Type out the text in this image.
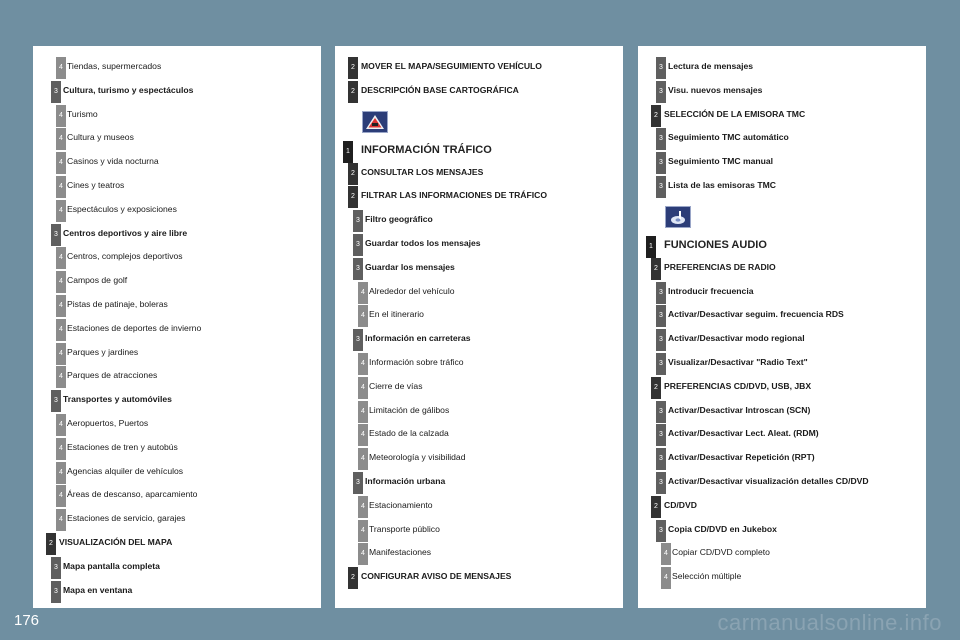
4 Tiendas, supermercados
3 Cultura, turismo y espectáculos
4 Turismo
4 Cultura y museos
4 Casinos y vida nocturna
4 Cines y teatros
4 Espectáculos y exposiciones
3 Centros deportivos y aire libre
4 Centros, complejos deportivos
4 Campos de golf
4 Pistas de patinaje, boleras
4 Estaciones de deportes de invierno
4 Parques y jardines
4 Parques de atracciones
3 Transportes y automóviles
4 Aeropuertos, Puertos
4 Estaciones de tren y autobús
4 Agencias alquiler de vehículos
4 Áreas de descanso, aparcamiento
4 Estaciones de servicio, garajes
2 VISUALIZACIÓN DEL MAPA
3 Mapa pantalla completa
3 Mapa en ventana
2 MOVER EL MAPA/SEGUIMIENTO VEHÍCULO
2 DESCRIPCIÓN BASE CARTOGRÁFICA
1 INFORMACIÓN TRÁFICO
2 CONSULTAR LOS MENSAJES
2 FILTRAR LAS INFORMACIONES DE TRÁFICO
3 Filtro geográfico
3 Guardar todos los mensajes
3 Guardar los mensajes
4 Alrededor del vehículo
4 En el itinerario
3 Información en carreteras
4 Información sobre tráfico
4 Cierre de vías
4 Limitación de gálibos
4 Estado de la calzada
4 Meteorología y visibilidad
3 Información urbana
4 Estacionamiento
4 Transporte público
4 Manifestaciones
2 CONFIGURAR AVISO DE MENSAJES
3 Lectura de mensajes
3 Visu. nuevos mensajes
2 SELECCIÓN DE LA EMISORA TMC
3 Seguimiento TMC automático
3 Seguimiento TMC manual
3 Lista de las emisoras TMC
1 FUNCIONES AUDIO
2 PREFERENCIAS DE RADIO
3 Introducir frecuencia
3 Activar/Desactivar seguim. frecuencia RDS
3 Activar/Desactivar modo regional
3 Visualizar/Desactivar "Radio Text"
2 PREFERENCIAS CD/DVD, USB, JBX
3 Activar/Desactivar Introscan (SCN)
3 Activar/Desactivar Lect. Aleat. (RDM)
3 Activar/Desactivar Repetición (RPT)
3 Activar/Desactivar visualización detalles CD/DVD
2 CD/DVD
3 Copia CD/DVD en Jukebox
4 Copiar CD/DVD completo
4 Selección múltiple
176	carmanualsonline.info
